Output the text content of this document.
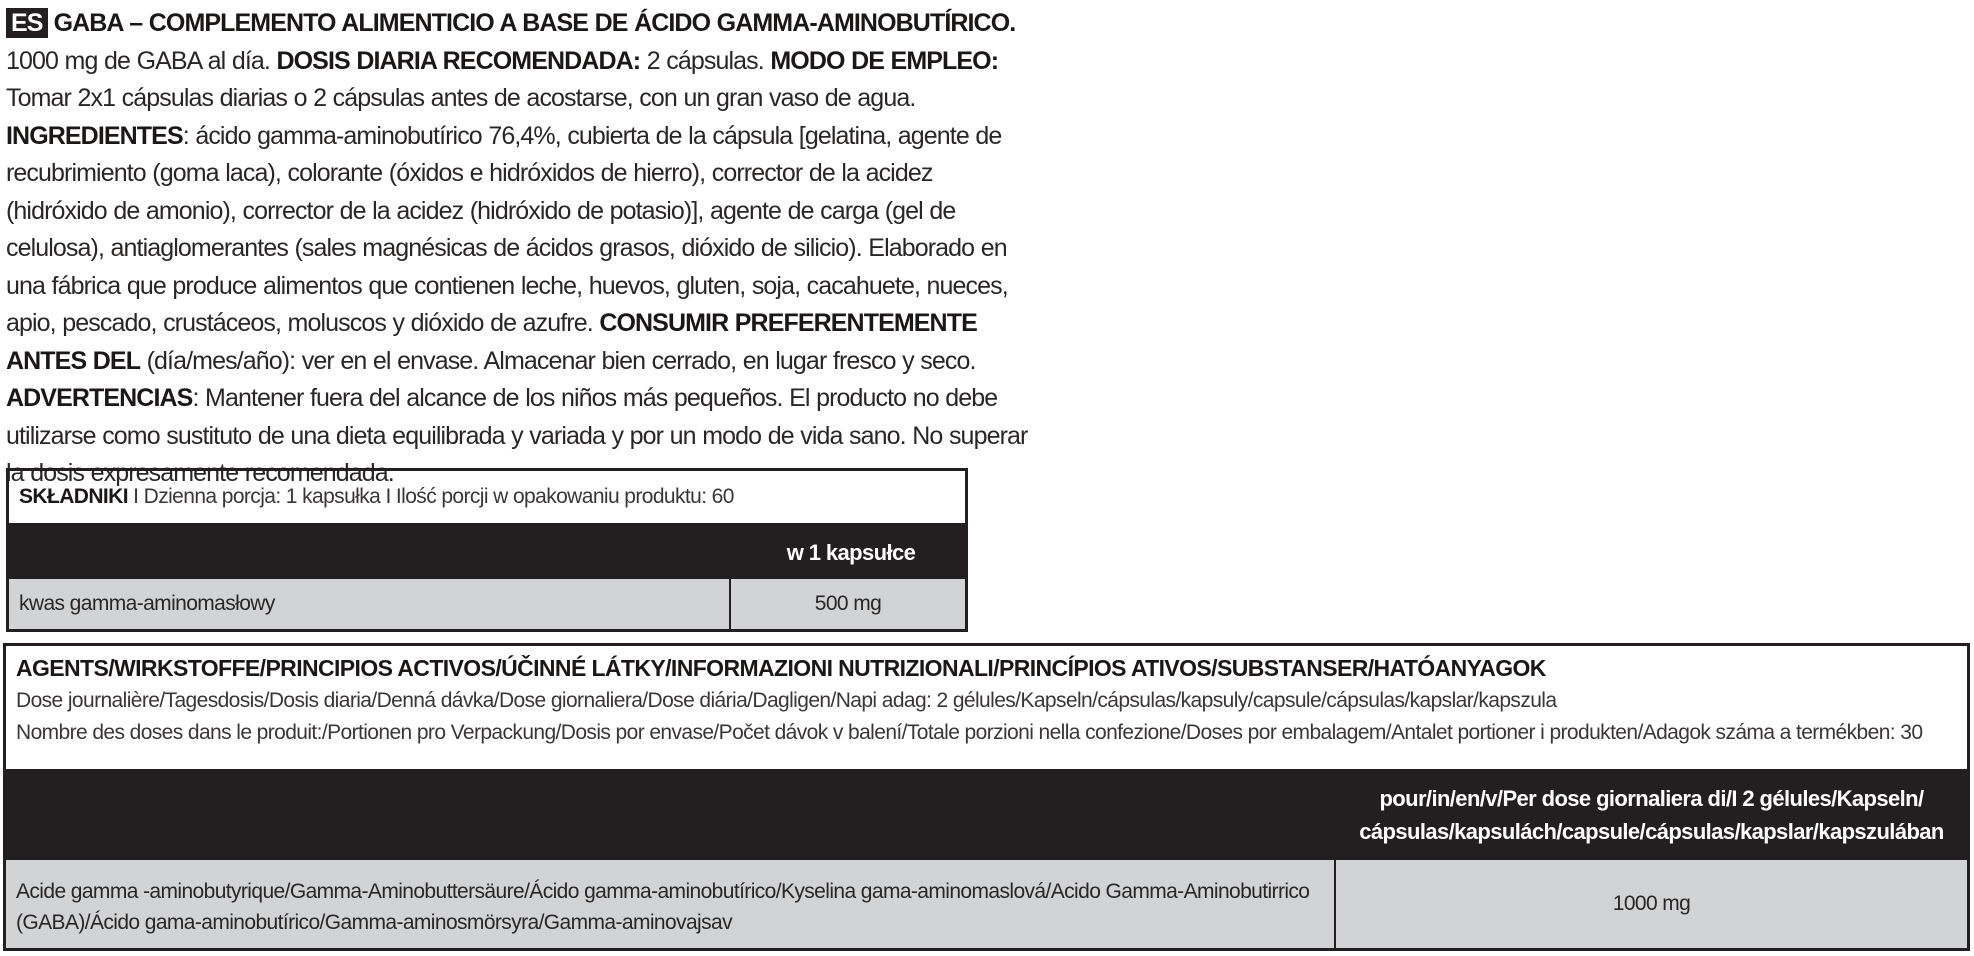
ES GABA – COMPLEMENTO ALIMENTICIO A BASE DE ÁCIDO GAMMA-AMINOBUTÍRICO. 1000 mg de GABA al día. DOSIS DIARIA RECOMENDADA: 2 cápsulas. MODO DE EMPLEO: Tomar 2x1 cápsulas diarias o 2 cápsulas antes de acostarse, con un gran vaso de agua. INGREDIENTES: ácido gamma-aminobutírico 76,4%, cubierta de la cápsula [gelatina, agente de recubrimiento (goma laca), colorante (óxidos e hidróxidos de hierro), corrector de la acidez (hidróxido de amonio), corrector de la acidez (hidróxido de potasio)], agente de carga (gel de celulosa), antiaglomerantes (sales magnésicas de ácidos grasos, dióxido de silicio). Elaborado en una fábrica que produce alimentos que contienen leche, huevos, gluten, soja, cacahuete, nueces, apio, pescado, crustáceos, moluscos y dióxido de azufre. CONSUMIR PREFERENTEMENTE ANTES DEL (día/mes/año): ver en el envase. Almacenar bien cerrado, en lugar fresco y seco. ADVERTENCIAS: Mantener fuera del alcance de los niños más pequeños. El producto no debe utilizarse como sustituto de una dieta equilibrada y variada y por un modo de vida sano. No superar la dosis expresamente recomendada.
SKŁADNIKI I Dzienna porcja: 1 kapsułka I Ilość porcji w opakowaniu produktu: 60
w 1 kapsułce
kwas gamma-aminomasłowy	500 mg
AGENTS/WIRKSTOFFE/PRINCIPIOS ACTIVOS/ÚČINNÉ LÁTKY/INFORMAZIONI NUTRIZIONALI/PRINCÍPIOS ATIVOS/SUBSTANSER/HATÓANYAGOK
Dose journalière/Tagesdosis/Dosis diaria/Denná dávka/Dose giornaliera/Dose diária/Dagligen/Napi adag: 2 gélules/Kapseln/cápsulas/kapsuly/capsule/cápsulas/kapslar/kapszula
Nombre des doses dans le produit:/Portionen pro Verpackung/Dosis por envase/Počet dávok v balení/Totale porzioni nella confezione/Doses por embalagem/Antalet portioner i produkten/Adagok száma a termékben: 30
pour/in/en/v/Per dose giornaliera di/I 2 gélules/Kapseln/
cápsulas/kapsulách/capsule/cápsulas/kapslar/kapszulában
Acide gamma -aminobutyrique/Gamma-Aminobuttersäure/Ácido gamma-aminobutírico/Kyselina gama-aminomaslová/Acido Gamma-Aminobutirrico
(GABA)/Ácido gama-aminobutírico/Gamma-aminosmörsyra/Gamma-aminovajsav
1000 mg
